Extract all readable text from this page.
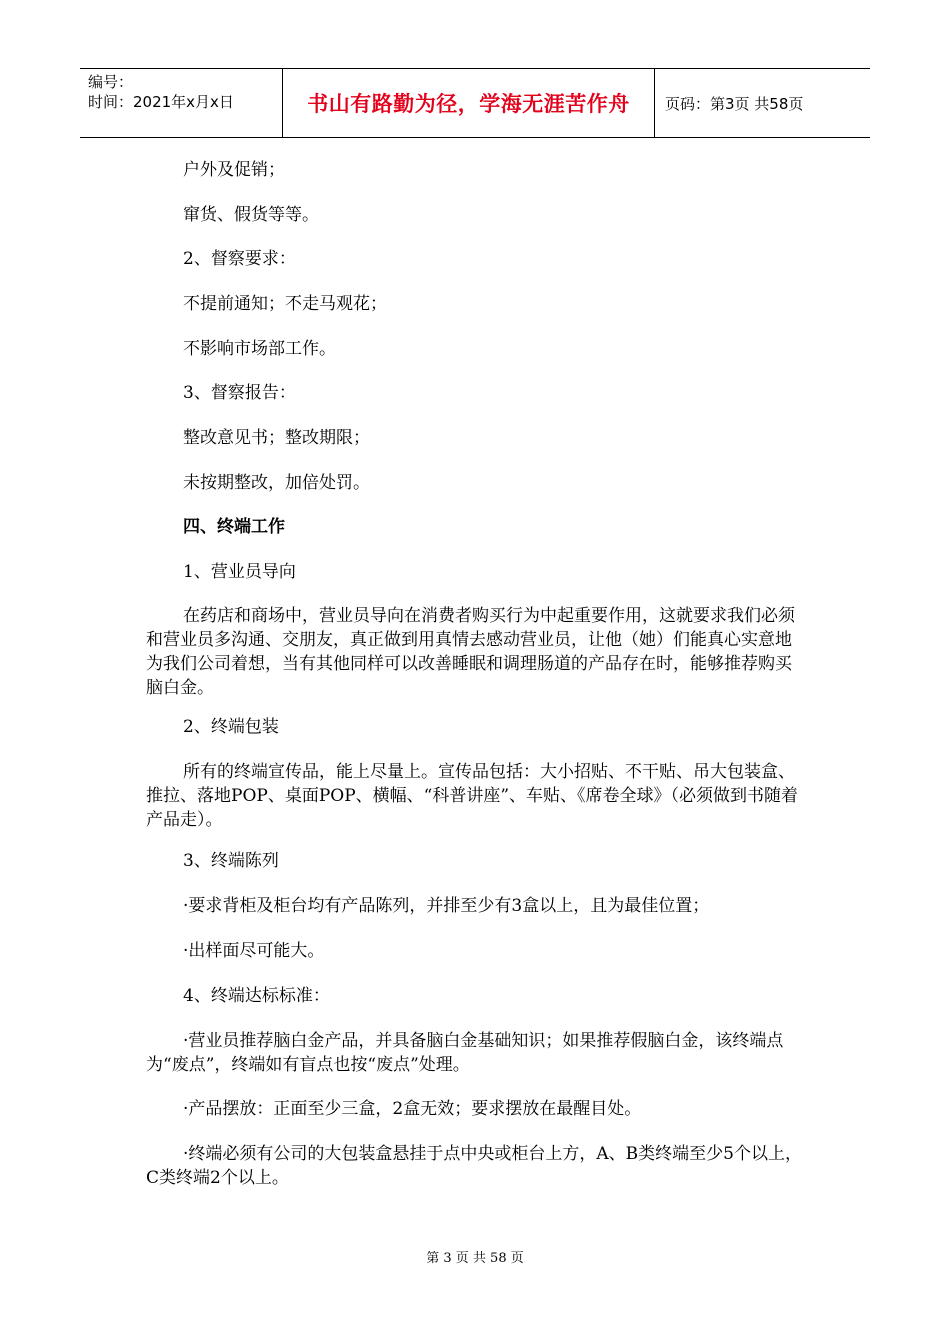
编号：
时间：2021年x月x日	书山有路勤为径，学海无涯苦作舟	页码：第3页 共58页

户外及促销；

窜货、假货等等。

2、督察要求：

不提前通知；不走马观花；

不影响市场部工作。

3、督察报告：

整改意见书；整改期限；

未按期整改，加倍处罚。

四、终端工作

1、营业员导向

在药店和商场中，营业员导向在消费者购买行为中起重要作用，这就要求我们必须和营业员多沟通、交朋友，真正做到用真情去感动营业员，让他（她）们能真心实意地为我们公司着想，当有其他同样可以改善睡眠和调理肠道的产品存在时，能够推荐购买脑白金。

2、终端包装

所有的终端宣传品，能上尽量上。宣传品包括：大小招贴、不干贴、吊大包装盒、推拉、落地POP、桌面POP、横幅、“科普讲座”、车贴、《席卷全球》（必须做到书随着产品走）。

3、终端陈列

·要求背柜及柜台均有产品陈列，并排至少有3盒以上，且为最佳位置；

·出样面尽可能大。

4、终端达标标准：

·营业员推荐脑白金产品，并具备脑白金基础知识；如果推荐假脑白金，该终端点为“废点”，终端如有盲点也按“废点”处理。

·产品摆放：正面至少三盒，2盒无效；要求摆放在最醒目处。

·终端必须有公司的大包装盒悬挂于点中央或柜台上方，A、B类终端至少5个以上，C类终端2个以上。

第 3 页 共 58 页
